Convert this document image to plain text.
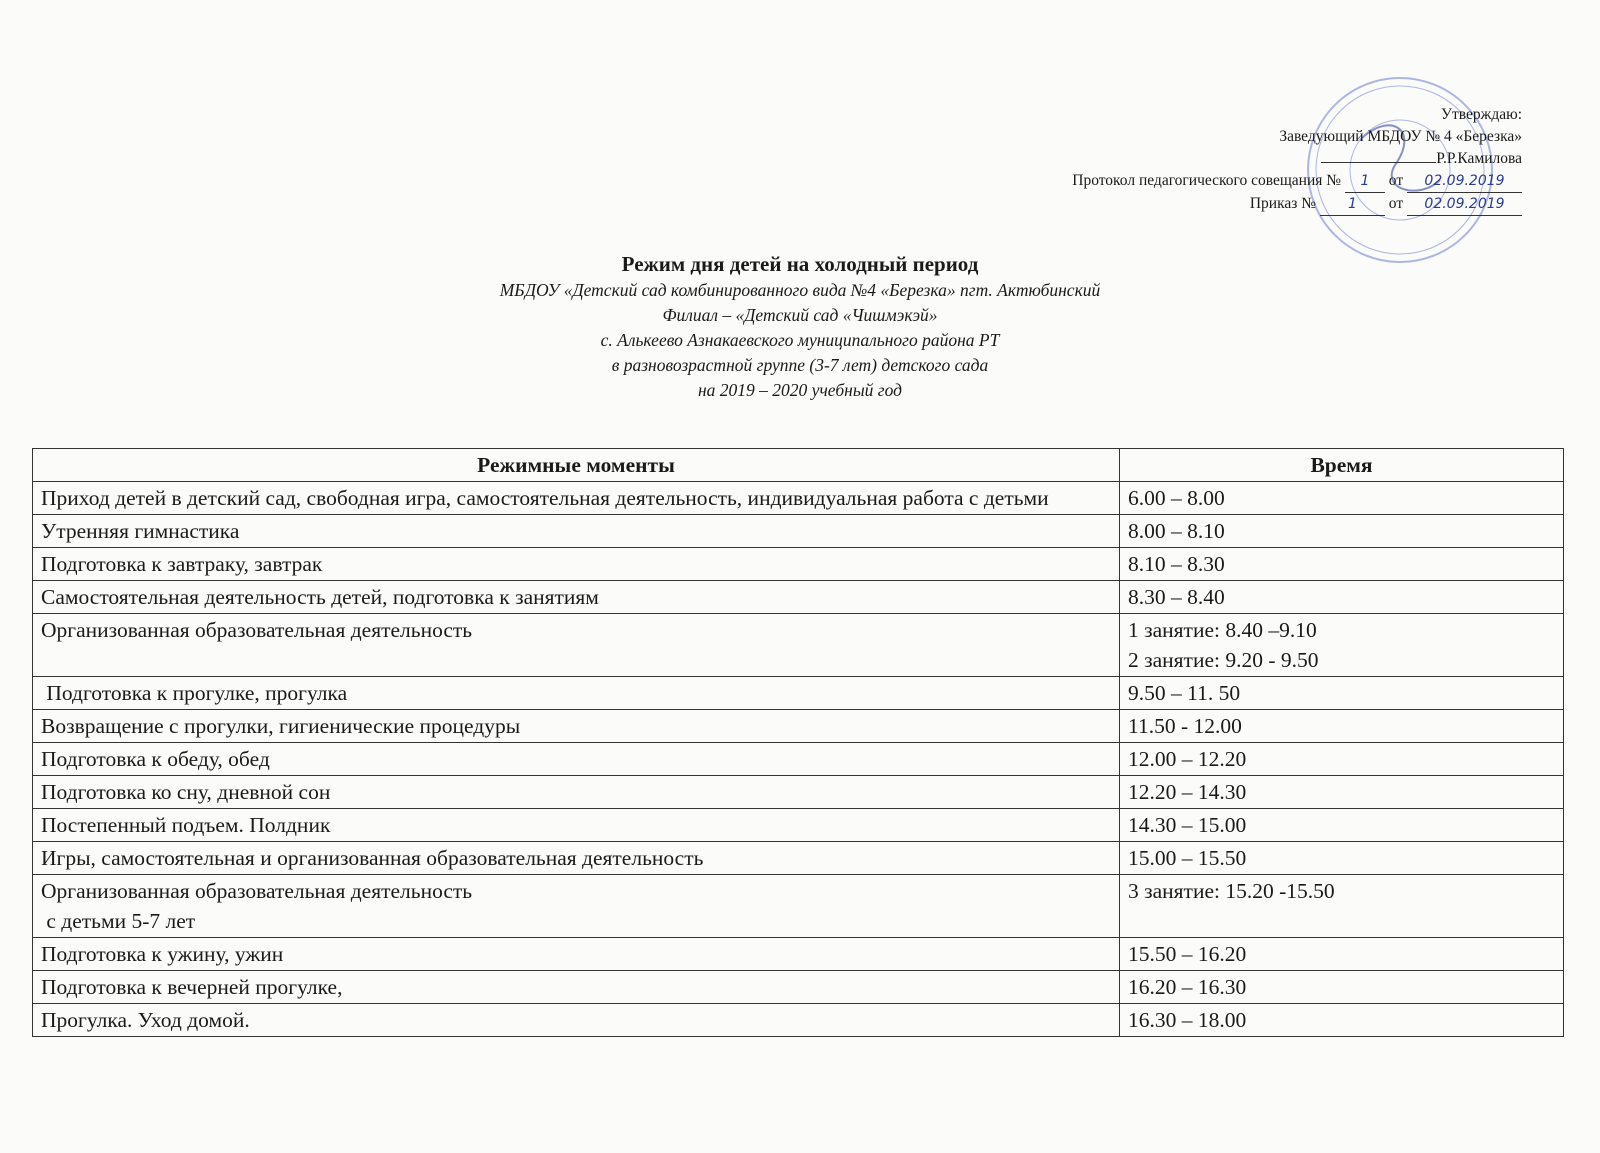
Утверждаю:
Заведующий МБДОУ № 4 «Березка»
Р.Р.Камилова
Протокол педагогического совещания № 1 от 02.09.2019
Приказ № 1 от 02.09.2019
Режим дня детей на холодный период
МБДОУ «Детский сад комбинированного вида №4 «Березка» пгт. Актюбинский
Филиал – «Детский сад «Чишмэкэй»
с. Алькеево Азнакаевского муниципального района РТ
в разновозрастной группе (3-7 лет) детского сада
на 2019 – 2020 учебный год
Режимные моменты	Время
Приход детей в детский сад, свободная игра, самостоятельная деятельность, индивидуальная работа с детьми	6.00 – 8.00
Утренняя гимнастика	8.00 – 8.10
Подготовка к завтраку, завтрак	8.10 – 8.30
Самостоятельная деятельность детей, подготовка к занятиям	8.30 – 8.40
Организованная образовательная деятельность	1 занятие: 8.40 –9.10
2 занятие: 9.20 - 9.50

Подготовка к прогулке, прогулка	9.50 – 11. 50
Возвращение с прогулки, гигиенические процедуры	11.50 - 12.00
Подготовка к обеду, обед	12.00 – 12.20
Подготовка ко сну, дневной сон	12.20 – 14.30
Постепенный подъем. Полдник	14.30 – 15.00
Игры, самостоятельная и организованная образовательная деятельность	15.00 – 15.50

Организованная образовательная деятельность
с детьми 5-7 лет	3 занятие: 15.20 -15.50
Подготовка к ужину, ужин	15.50 – 16.20
Подготовка к вечерней прогулке,	16.20 – 16.30
Прогулка. Уход домой.	16.30 – 18.00
